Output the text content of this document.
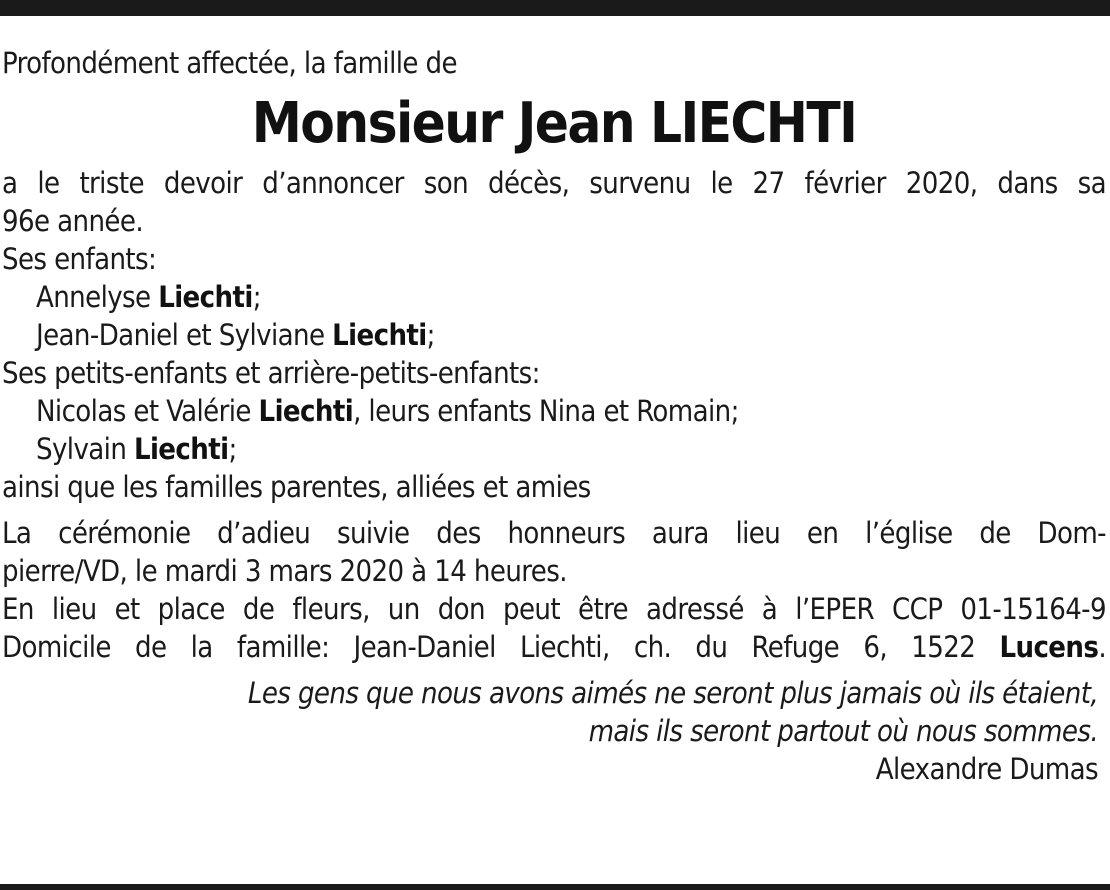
Profondément affectée, la famille de
Monsieur Jean LIECHTI
a le triste devoir d’annoncer son décès, survenu le 27 février 2020, dans sa
96e année.
Ses enfants:
Annelyse Liechti;
Jean-Daniel et Sylviane Liechti;
Ses petits-enfants et arrière-petits-enfants:
Nicolas et Valérie Liechti, leurs enfants Nina et Romain;
Sylvain Liechti;
ainsi que les familles parentes, alliées et amies
La cérémonie d’adieu suivie des honneurs aura lieu en l’église de Dom-
pierre/VD, le mardi 3 mars 2020 à 14 heures.
En lieu et place de fleurs, un don peut être adressé à l’EPER CCP 01-15164-9
Domicile de la famille: Jean-Daniel Liechti, ch. du Refuge 6, 1522 Lucens.
Les gens que nous avons aimés ne seront plus jamais où ils étaient,
mais ils seront partout où nous sommes.
Alexandre Dumas
